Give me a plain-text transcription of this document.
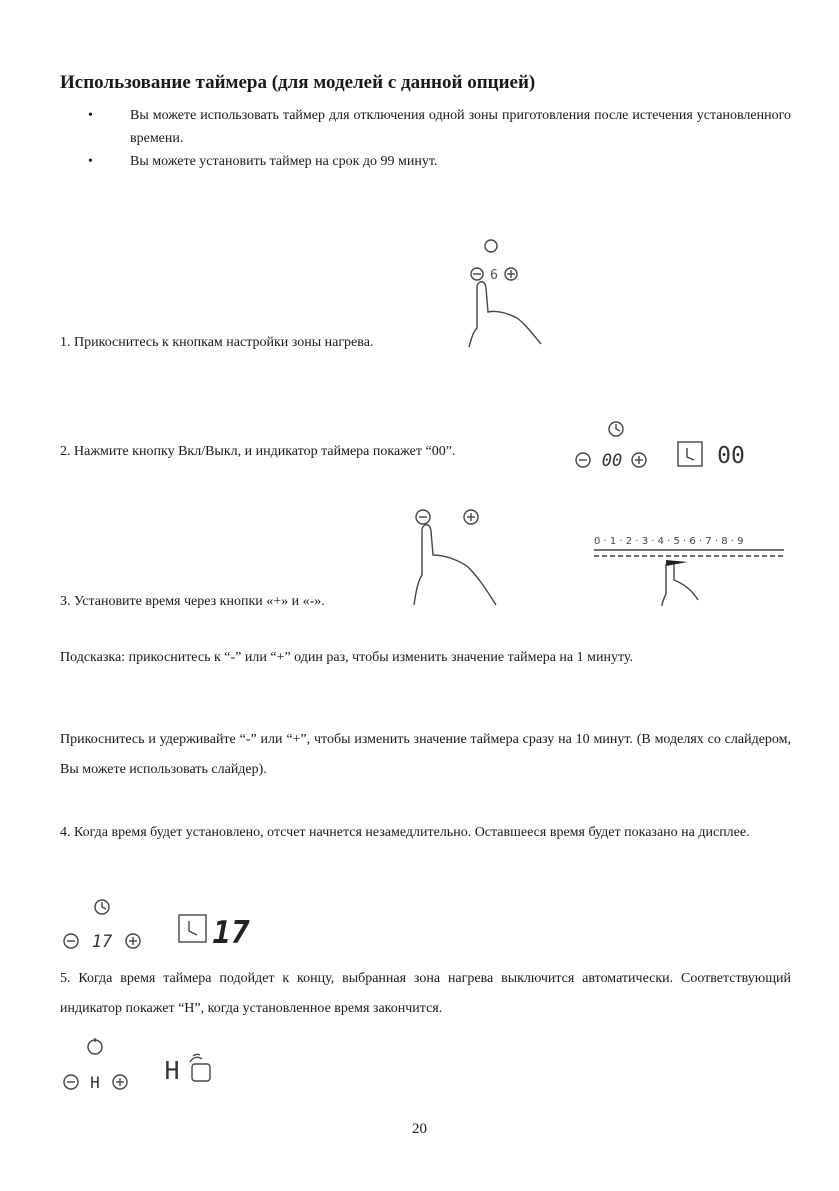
Использование таймера (для моделей с данной опцией)
• Вы можете использовать таймер для отключения одной зоны приготовления после истечения установленного времени.
• Вы можете установить таймер на срок до 99 минут.
6
1. Прикоснитесь к кнопкам настройки зоны нагрева.
2. Нажмите кнопку Вкл/Выкл, и индикатор таймера покажет “00”.	00	00
0 · 1 · 2 · 3 · 4 · 5 · 6 · 7 · 8 · 9
3. Установите время через кнопки «+» и «-».
Подсказка: прикоснитесь к “-” или “+” один раз, чтобы изменить значение таймера на 1 минуту.
Прикоснитесь и удерживайте “-” или “+”, чтобы изменить значение таймера сразу на 10 минут. (В моделях со слайдером, Вы можете использовать слайдер).
4. Когда время будет установлено, отсчет начнется незамедлительно. Оставшееся время будет показано на дисплее.
17	17
5. Когда время таймера подойдет к концу, выбранная зона нагрева выключится автоматически. Соответствующий индикатор покажет “H”, когда установленное время закончится.
H	H
20
